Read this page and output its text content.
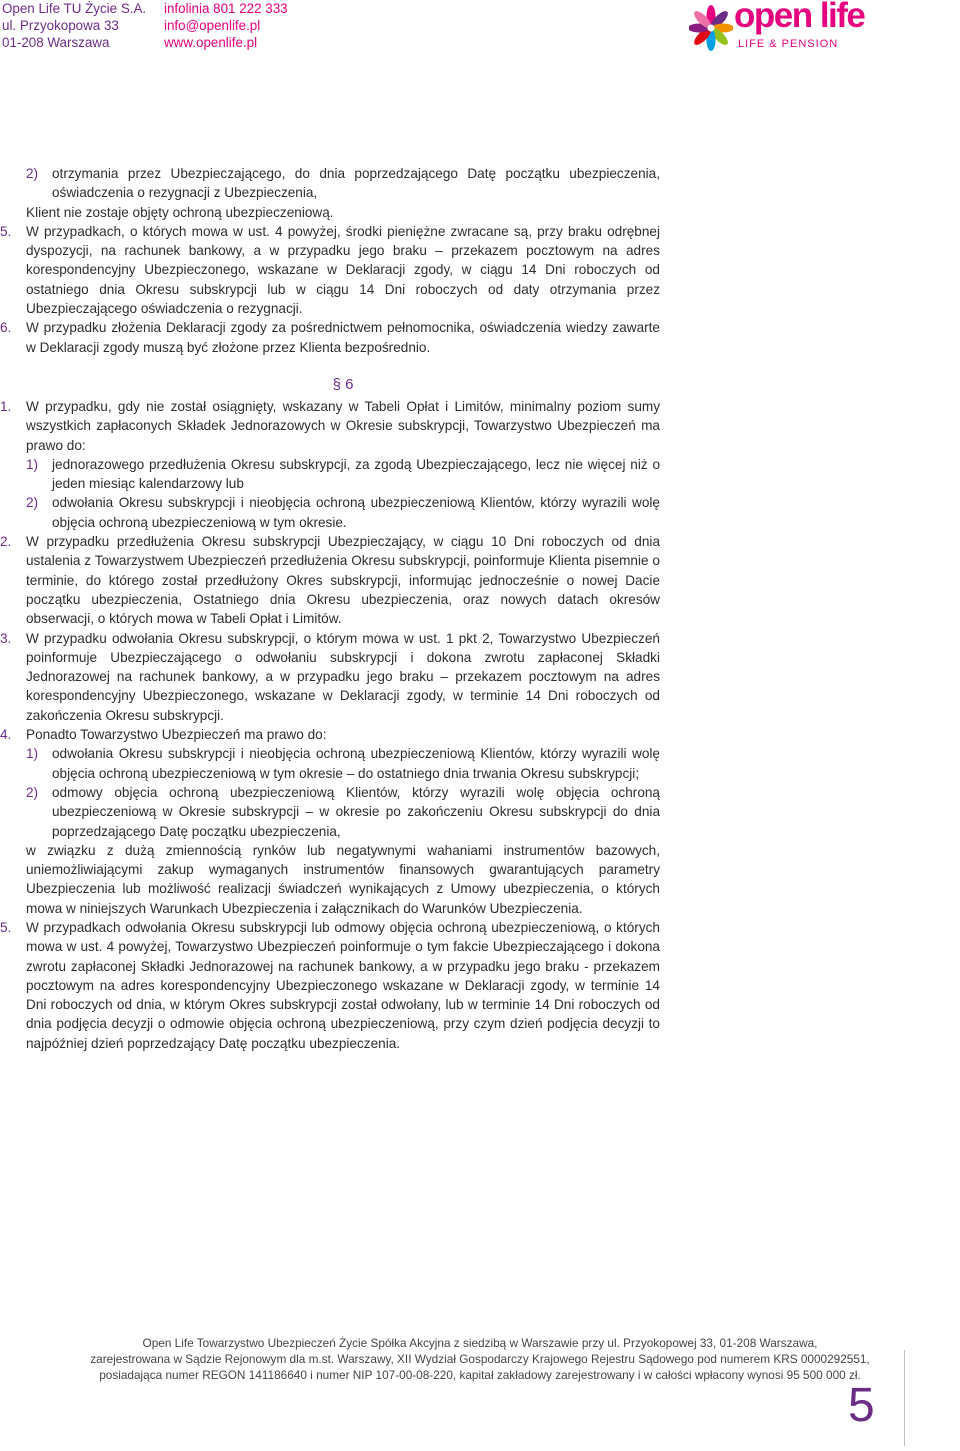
Open Life TU Życie S.A.
ul. Przyokopowa 33
01-208 Warszawa
infolinia 801 222 333
info@openlife.pl
www.openlife.pl
open life
LIFE & PENSION
2) otrzymania przez Ubezpieczającego, do dnia poprzedzającego Datę początku ubezpieczenia, oświadczenia o rezygnacji z Ubezpieczenia,
Klient nie zostaje objęty ochroną ubezpieczeniową.
5. W przypadkach, o których mowa w ust. 4 powyżej, środki pieniężne zwracane są, przy braku odrębnej dyspozycji, na rachunek bankowy, a w przypadku jego braku – przekazem pocztowym na adres korespondencyjny Ubezpieczonego, wskazane w Deklaracji zgody, w ciągu 14 Dni roboczych od ostatniego dnia Okresu subskrypcji lub w ciągu 14 Dni roboczych od daty otrzymania przez Ubezpieczającego oświadczenia o rezygnacji.
6. W przypadku złożenia Deklaracji zgody za pośrednictwem pełnomocnika, oświadczenia wiedzy zawarte w Deklaracji zgody muszą być złożone przez Klienta bezpośrednio.
§ 6
1. W przypadku, gdy nie został osiągnięty, wskazany w Tabeli Opłat i Limitów, minimalny poziom sumy wszystkich zapłaconych Składek Jednorazowych w Okresie subskrypcji, Towarzystwo Ubezpieczeń ma prawo do:
1) jednorazowego przedłużenia Okresu subskrypcji, za zgodą Ubezpieczającego, lecz nie więcej niż o jeden miesiąc kalendarzowy lub
2) odwołania Okresu subskrypcji i nieobjęcia ochroną ubezpieczeniową Klientów, którzy wyrazili wolę objęcia ochroną ubezpieczeniową w tym okresie.
2. W przypadku przedłużenia Okresu subskrypcji Ubezpieczający, w ciągu 10 Dni roboczych od dnia ustalenia z Towarzystwem Ubezpieczeń przedłużenia Okresu subskrypcji, poinformuje Klienta pisemnie o terminie, do którego został przedłużony Okres subskrypcji, informując jednocześnie o nowej Dacie początku ubezpieczenia, Ostatniego dnia Okresu ubezpieczenia, oraz nowych datach okresów obserwacji, o których mowa w Tabeli Opłat i Limitów.
3. W przypadku odwołania Okresu subskrypcji, o którym mowa w ust. 1 pkt 2, Towarzystwo Ubezpieczeń poinformuje Ubezpieczającego o odwołaniu subskrypcji i dokona zwrotu zapłaconej Składki Jednorazowej na rachunek bankowy, a w przypadku jego braku – przekazem pocztowym na adres korespondencyjny Ubezpieczonego, wskazane w Deklaracji zgody, w terminie 14 Dni roboczych od zakończenia Okresu subskrypcji.
4. Ponadto Towarzystwo Ubezpieczeń ma prawo do:
1) odwołania Okresu subskrypcji i nieobjęcia ochroną ubezpieczeniową Klientów, którzy wyrazili wolę objęcia ochroną ubezpieczeniową w tym okresie – do ostatniego dnia trwania Okresu subskrypcji;
2) odmowy objęcia ochroną ubezpieczeniową Klientów, którzy wyrazili wolę objęcia ochroną ubezpieczeniową w Okresie subskrypcji – w okresie po zakończeniu Okresu subskrypcji do dnia poprzedzającego Datę początku ubezpieczenia,
w związku z dużą zmiennością rynków lub negatywnymi wahaniami instrumentów bazowych, uniemożliwiającymi zakup wymaganych instrumentów finansowych gwarantujących parametry Ubezpieczenia lub możliwość realizacji świadczeń wynikających z Umowy ubezpieczenia, o których mowa w niniejszych Warunkach Ubezpieczenia i załącznikach do Warunków Ubezpieczenia.
5. W przypadkach odwołania Okresu subskrypcji lub odmowy objęcia ochroną ubezpieczeniową, o których mowa w ust. 4 powyżej, Towarzystwo Ubezpieczeń poinformuje o tym fakcie Ubezpieczającego i dokona zwrotu zapłaconej Składki Jednorazowej na rachunek bankowy, a w przypadku jego braku - przekazem pocztowym na adres korespondencyjny Ubezpieczonego wskazane w Deklaracji zgody, w terminie 14 Dni roboczych od dnia, w którym Okres subskrypcji został odwołany, lub w terminie 14 Dni roboczych od dnia podjęcia decyzji o odmowie objęcia ochroną ubezpieczeniową, przy czym dzień podjęcia decyzji to najpóźniej dzień poprzedzający Datę początku ubezpieczenia.
Open Life Towarzystwo Ubezpieczeń Życie Spółka Akcyjna z siedzibą w Warszawie przy ul. Przyokopowej 33, 01-208 Warszawa,
zarejestrowana w Sądzie Rejonowym dla m.st. Warszawy, XII Wydział Gospodarczy Krajowego Rejestru Sądowego pod numerem KRS 0000292551,
posiadająca numer REGON 141186640 i numer NIP 107-00-08-220, kapitał zakładowy zarejestrowany i w całości wpłacony wynosi 95 500 000 zł.
5
